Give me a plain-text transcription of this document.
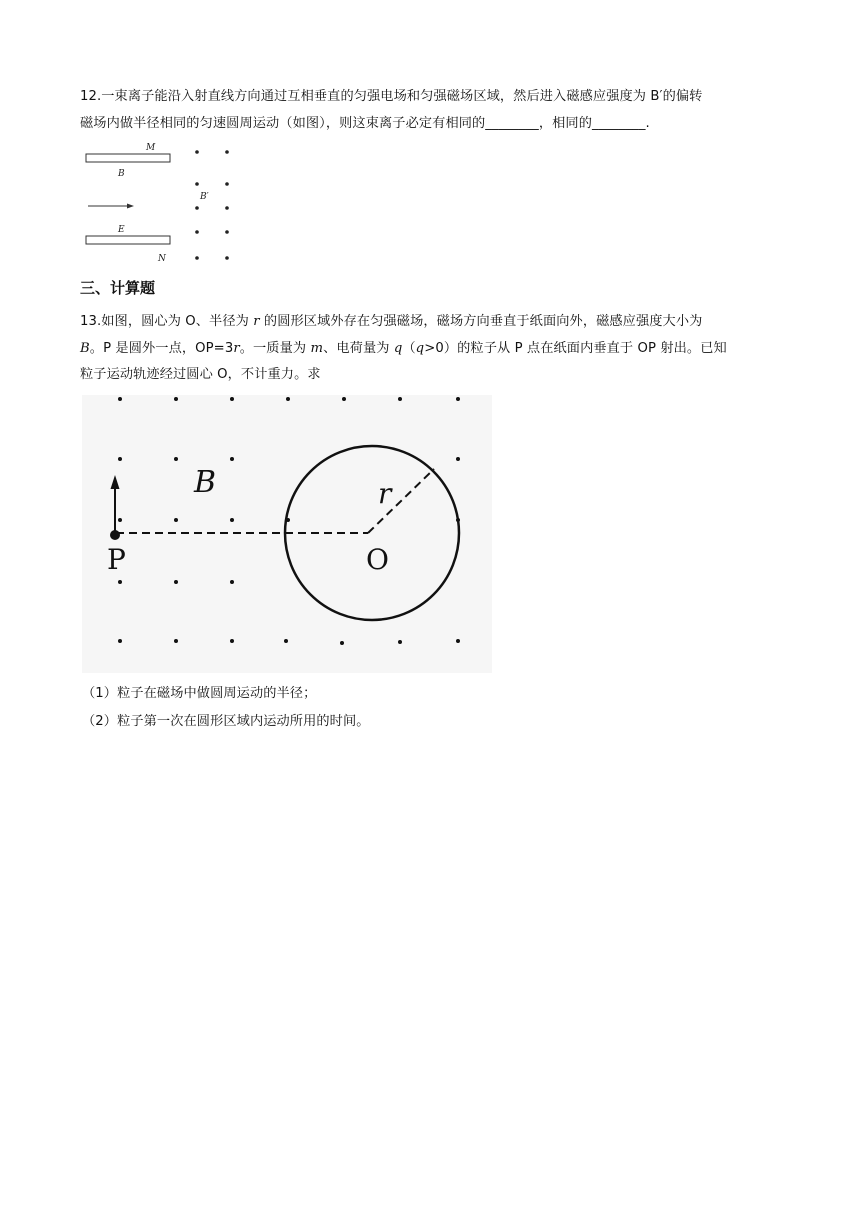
12.一束离子能沿入射直线方向通过互相垂直的匀强电场和匀强磁场区域，然后进入磁感应强度为 B′的偏转
磁场内做半径相同的匀速圆周运动（如图），则这束离子必定有相同的________，相同的________.
M
B
E
N
B′
三、计算题
13.如图，圆心为 O、半径为 r 的圆形区域外存在匀强磁场，磁场方向垂直于纸面向外，磁感应强度大小为
B。P 是圆外一点，OP=3r。一质量为 m、电荷量为 q（q>0）的粒子从 P 点在纸面内垂直于 OP 射出。已知
粒子运动轨迹经过圆心 O，不计重力。求
B	r
P	O
（1）粒子在磁场中做圆周运动的半径；
（2）粒子第一次在圆形区域内运动所用的时间。
